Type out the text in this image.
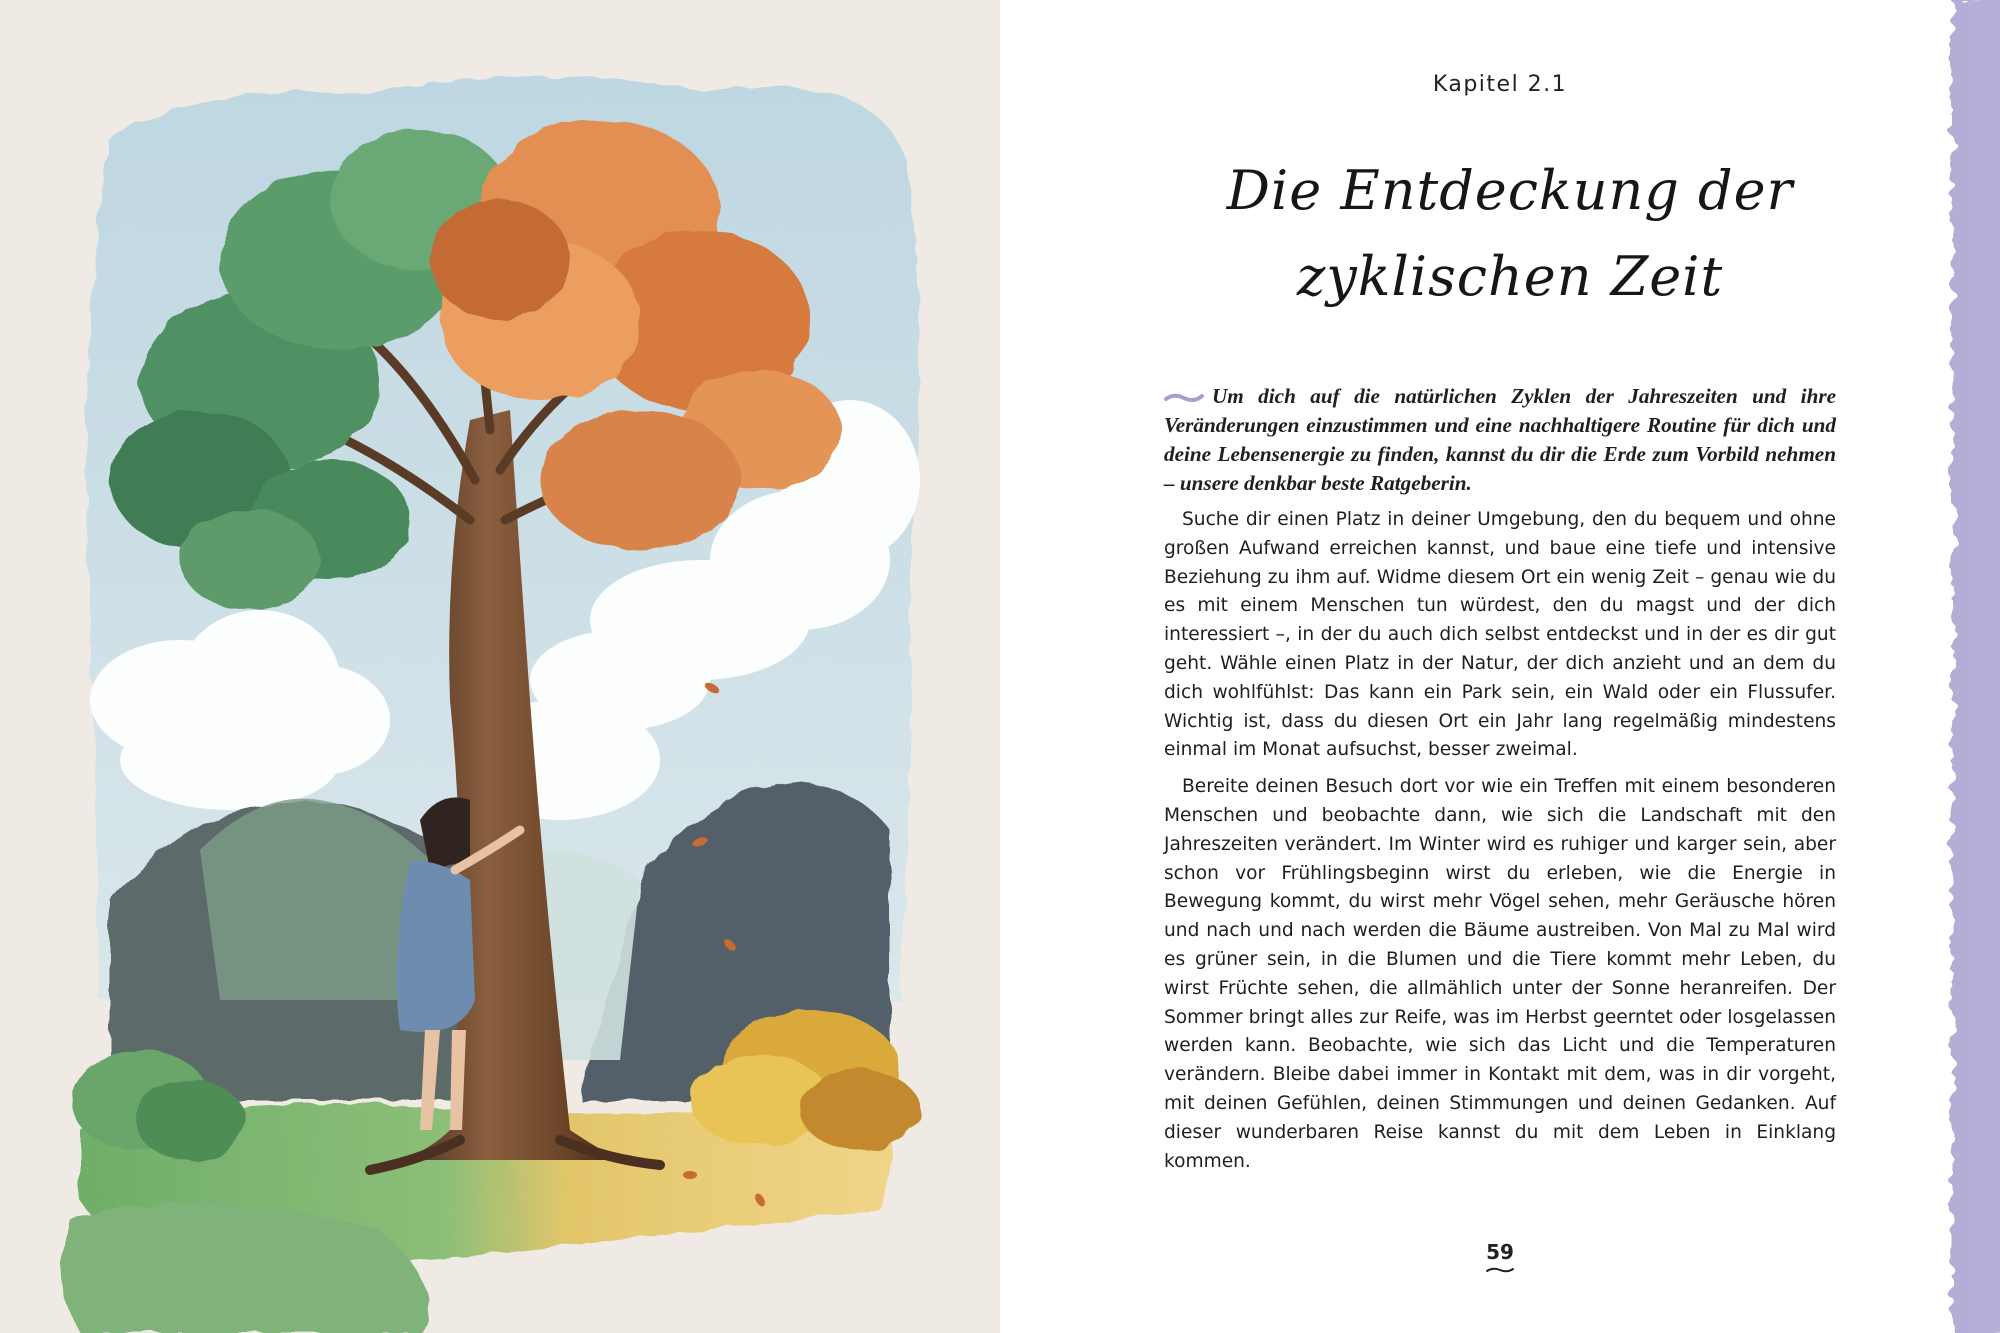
Kapitel 2.1
Die Entdeckung der
zyklischen Zeit

Um dich auf die natürlichen Zyklen der Jahreszeiten und ihre Veränderungen einzustimmen und eine nachhaltigere Routine für dich und deine Lebensenergie zu finden, kannst du dir die Erde zum Vorbild nehmen – unsere denkbar beste Ratgeberin.

Suche dir einen Platz in deiner Umgebung, den du bequem und ohne großen Aufwand erreichen kannst, und baue eine tiefe und intensive Beziehung zu ihm auf. Widme diesem Ort ein wenig Zeit – genau wie du es mit einem Menschen tun würdest, den du magst und der dich interessiert –, in der du auch dich selbst entdeckst und in der es dir gut geht. Wähle einen Platz in der Natur, der dich anzieht und an dem du dich wohlfühlst: Das kann ein Park sein, ein Wald oder ein Flussufer. Wichtig ist, dass du diesen Ort ein Jahr lang regelmäßig mindestens einmal im Monat aufsuchst, besser zweimal.

Bereite deinen Besuch dort vor wie ein Treffen mit einem besonderen Menschen und beobachte dann, wie sich die Landschaft mit den Jahreszeiten verändert. Im Winter wird es ruhiger und karger sein, aber schon vor Frühlingsbeginn wirst du erleben, wie die Energie in Bewegung kommt, du wirst mehr Vögel sehen, mehr Geräusche hören und nach und nach werden die Bäume austreiben. Von Mal zu Mal wird es grüner sein, in die Blumen und die Tiere kommt mehr Leben, du wirst Früchte sehen, die allmählich unter der Sonne heranreifen. Der Sommer bringt alles zur Reife, was im Herbst geerntet oder losgelassen werden kann. Beobachte, wie sich das Licht und die Temperaturen verändern. Bleibe dabei immer in Kontakt mit dem, was in dir vorgeht, mit deinen Gefühlen, deinen Stimmungen und deinen Gedanken. Auf dieser wunderbaren Reise kannst du mit dem Leben in Einklang kommen.

59
